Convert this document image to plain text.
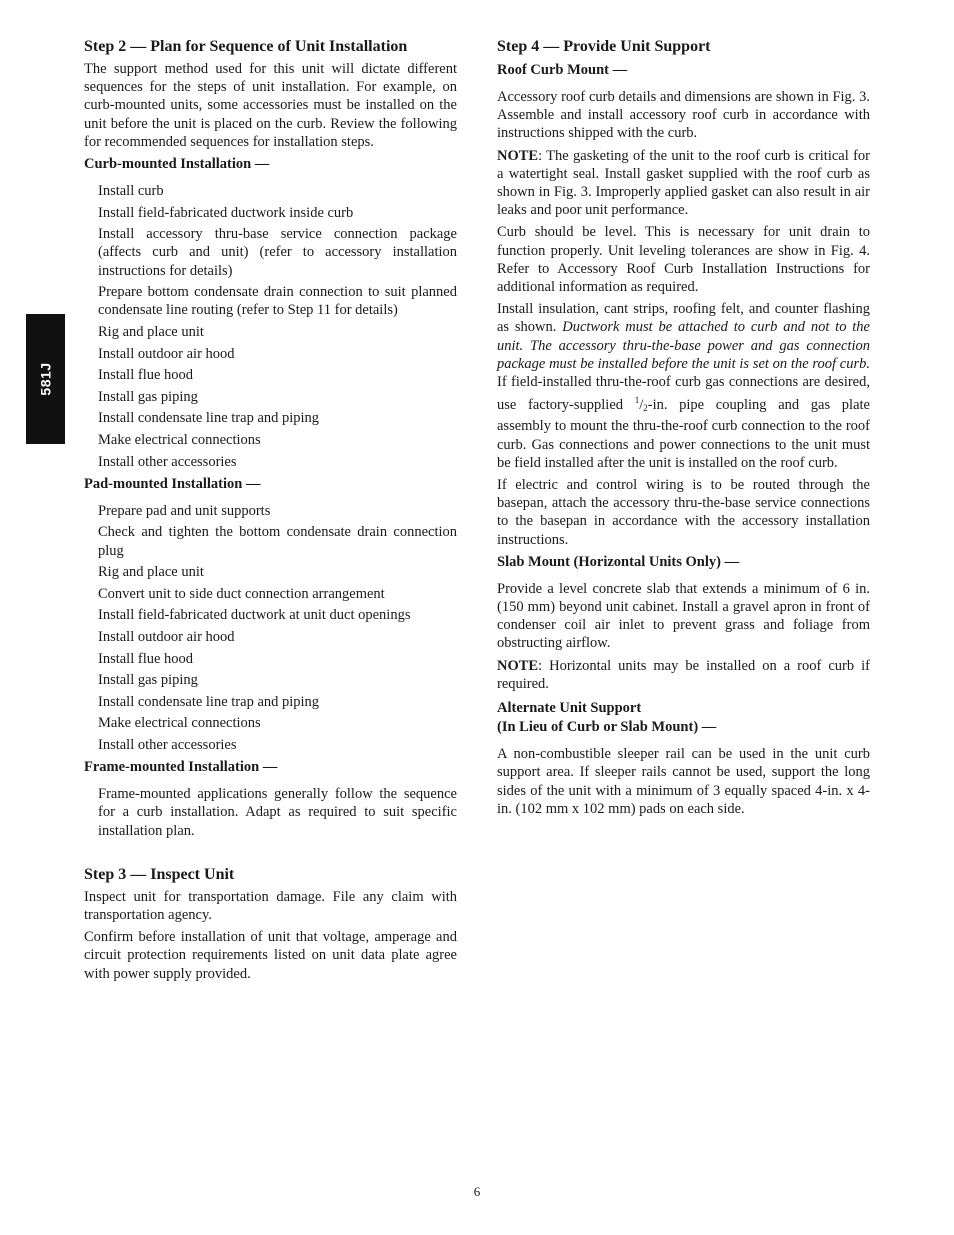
581J
Step 2 — Plan for Sequence of Unit Installation

The support method used for this unit will dictate different sequences for the steps of unit installation. For example, on curb-mounted units, some accessories must be installed on the unit before the unit is placed on the curb. Review the following for recommended sequences for installation steps.

Curb-mounted Installation —
Install curb
Install field-fabricated ductwork inside curb
Install accessory thru-base service connection package (affects curb and unit) (refer to accessory installation instructions for details)
Prepare bottom condensate drain connection to suit planned condensate line routing (refer to Step 11 for details)
Rig and place unit
Install outdoor air hood
Install flue hood
Install gas piping
Install condensate line trap and piping
Make electrical connections
Install other accessories
Pad-mounted Installation —
Prepare pad and unit supports
Check and tighten the bottom condensate drain connection plug
Rig and place unit
Convert unit to side duct connection arrangement
Install field-fabricated ductwork at unit duct openings
Install outdoor air hood
Install flue hood
Install gas piping
Install condensate line trap and piping
Make electrical connections
Install other accessories
Frame-mounted Installation —

Frame-mounted applications generally follow the sequence for a curb installation. Adapt as required to suit specific installation plan.

Step 3 — Inspect Unit

Inspect unit for transportation damage. File any claim with transportation agency.

Confirm before installation of unit that voltage, amperage and circuit protection requirements listed on unit data plate agree with power supply provided.

Step 4 — Provide Unit Support
Roof Curb Mount —

Accessory roof curb details and dimensions are shown in Fig. 3. Assemble and install accessory roof curb in accordance with instructions shipped with the curb.

NOTE: The gasketing of the unit to the roof curb is critical for a watertight seal. Install gasket supplied with the roof curb as shown in Fig. 3. Improperly applied gasket can also result in air leaks and poor unit performance.

Curb should be level. This is necessary for unit drain to function properly. Unit leveling tolerances are show in Fig. 4. Refer to Accessory Roof Curb Installation Instructions for additional information as required.

Install insulation, cant strips, roofing felt, and counter flashing as shown. Ductwork must be attached to curb and not to the unit. The accessory thru-the-base power and gas connection package must be installed before the unit is set on the roof curb. If field-installed thru-the-roof curb gas connections are desired, use factory-supplied $^1/_2-in$. pipe coupling and gas plate assembly to mount the thru-the-roof curb connection to the roof curb. Gas connections and power connections to the unit must be field installed after the unit is installed on the roof curb.

If electric and control wiring is to be routed through the basepan, attach the accessory thru-the-base service connections to the basepan in accordance with the accessory installation instructions.

Slab Mount (Horizontal Units Only) —

Provide a level concrete slab that extends a minimum of 6 in. (150 mm) beyond unit cabinet. Install a gravel apron in front of condenser coil air inlet to prevent grass and foliage from obstructing airflow.

NOTE: Horizontal units may be installed on a roof curb if required.

Alternate Unit Support
(In Lieu of Curb or Slab Mount) —

A non-combustible sleeper rail can be used in the unit curb support area. If sleeper rails cannot be used, support the long sides of the unit with a minimum of 3 equally spaced 4-in. x 4-in. (102 mm x 102 mm) pads on each side.

6
